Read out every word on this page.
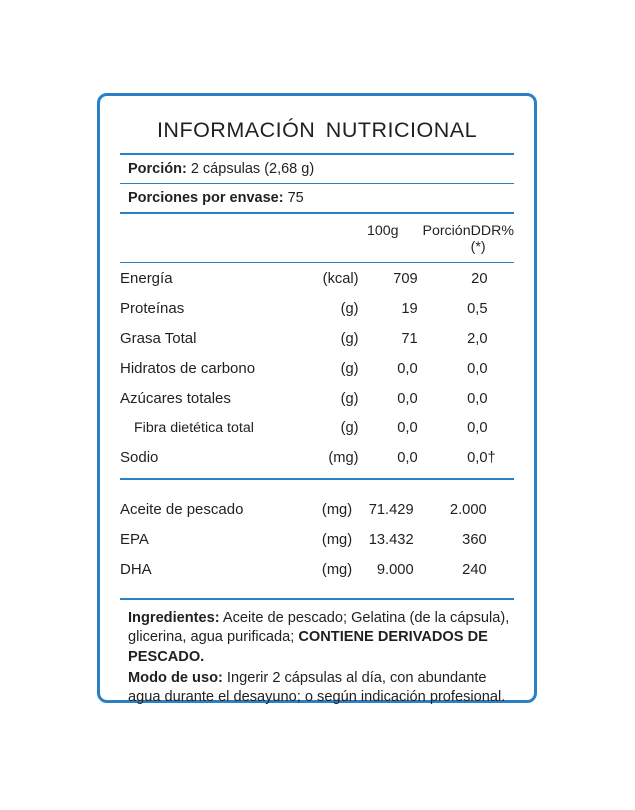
INFORMACIÓN NUTRICIONAL
Porción: 2 cápsulas (2,68 g)
Porciones por envase: 75
		100g	Porción	DDR%(*)
Energía	(kcal)	709	20	
Proteínas	(g)	19	0,5	
Grasa Total	(g)	71	2,0	
Hidratos de carbono	(g)	0,0	0,0	
Azúcares totales	(g)	0,0	0,0	
Fibra dietética total	(g)	0,0	0,0	
Sodio	(mg)	0,0	0,0	†

Aceite de pescado	(mg)	71.429	2.000	
EPA	(mg)	13.432	360	
DHA	(mg)	9.000	240	

Ingredientes: Aceite de pescado; Gelatina (de la cápsula), glicerina, agua purificada; CONTIENE DERIVADOS DE PESCADO.

Modo de uso: Ingerir 2 cápsulas al día, con abundante agua durante el desayuno; o según indicación profesional.
